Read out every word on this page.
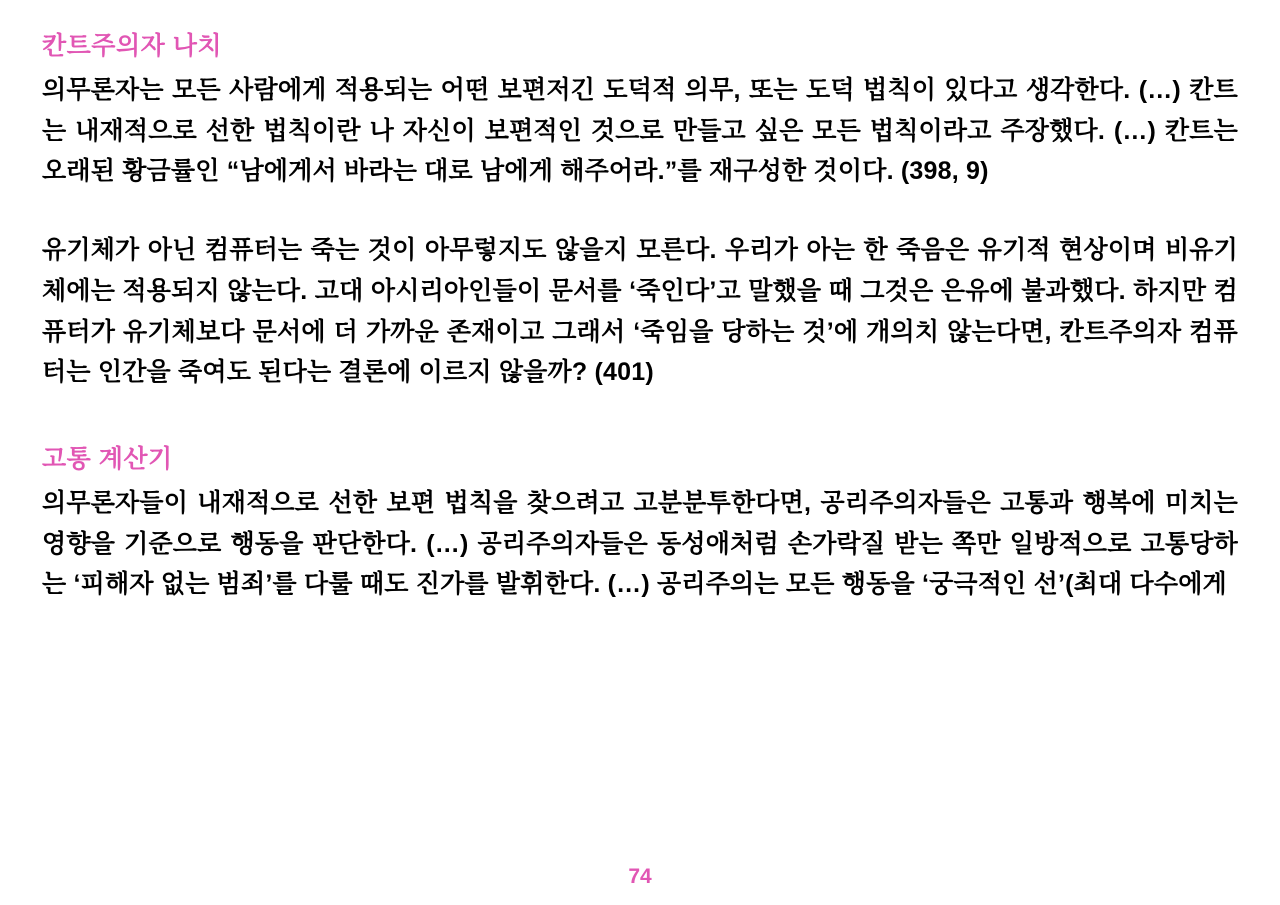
칸트주의자 나치

의무론자는 모든 사람에게 적용되는 어떤 보편저긴 도덕적 의무, 또는 도덕 법칙이 있다고 생각한다. (…) 칸트는 내재적으로 선한 법칙이란 나 자신이 보편적인 것으로 만들고 싶은 모든 법칙이라고 주장했다. (…) 칸트는 오래된 황금률인 “남에게서 바라는 대로 남에게 해주어라.”를 재구성한 것이다. (398, 9)

유기체가 아닌 컴퓨터는 죽는 것이 아무렇지도 않을지 모른다. 우리가 아는 한 죽음은 유기적 현상이며 비유기체에는 적용되지 않는다. 고대 아시리아인들이 문서를 ‘죽인다’고 말했을 때 그것은 은유에 불과했다. 하지만 컴퓨터가 유기체보다 문서에 더 가까운 존재이고 그래서 ‘죽임을 당하는 것’에 개의치 않는다면, 칸트주의자 컴퓨터는 인간을 죽여도 된다는 결론에 이르지 않을까? (401)

고통 계산기

의무론자들이 내재적으로 선한 보편 법칙을 찾으려고 고분분투한다면, 공리주의자들은 고통과 행복에 미치는 영향을 기준으로 행동을 판단한다. (…) 공리주의자들은 동성애처럼 손가락질 받는 쪽만 일방적으로 고통당하는 ‘피해자 없는 범죄’를 다룰 때도 진가를 발휘한다. (…) 공리주의는 모든 행동을 ‘궁극적인 선’(최대 다수에게

74
